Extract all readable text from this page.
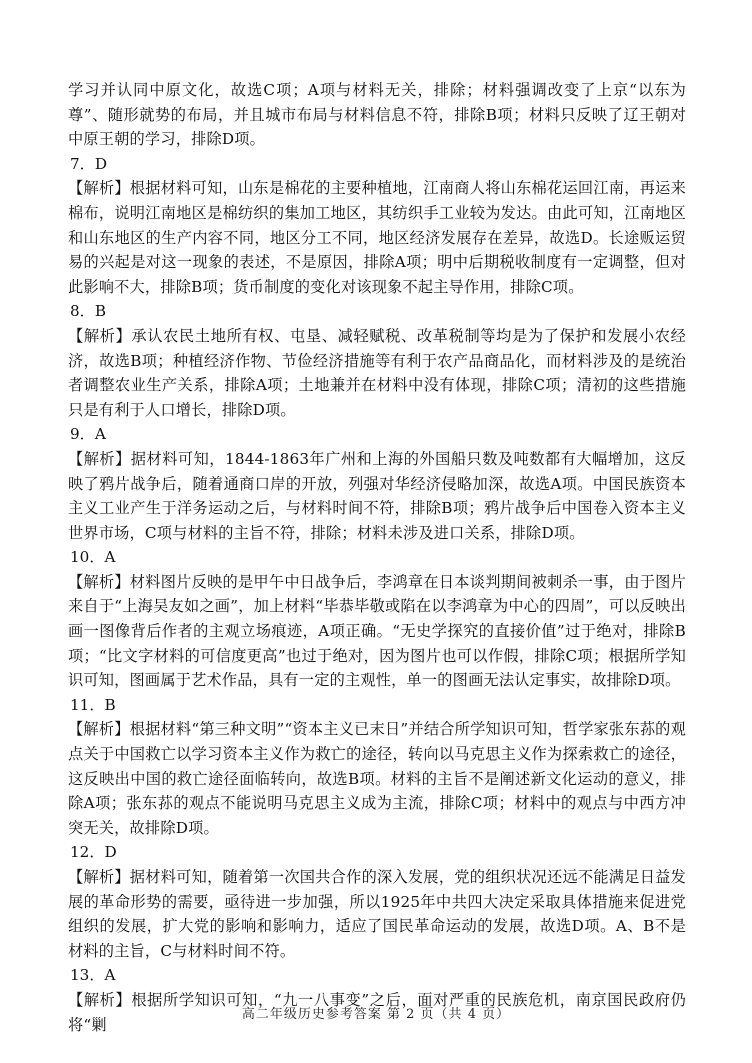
学习并认同中原文化，故选C项；A项与材料无关，排除；材料强调改变了上京“以东为尊”、随形就势的布局，并且城市布局与材料信息不符，排除B项；材料只反映了辽王朝对中原王朝的学习，排除D项。

7．D

【解析】根据材料可知，山东是棉花的主要种植地，江南商人将山东棉花运回江南，再运来棉布，说明江南地区是棉纺织的集加工地区，其纺织手工业较为发达。由此可知，江南地区和山东地区的生产内容不同，地区分工不同，地区经济发展存在差异，故选D。长途贩运贸易的兴起是对这一现象的表述，不是原因，排除A项；明中后期税收制度有一定调整，但对此影响不大，排除B项；货币制度的变化对该现象不起主导作用，排除C项。

8．B

【解析】承认农民土地所有权、屯垦、减轻赋税、改革税制等均是为了保护和发展小农经济，故选B项；种植经济作物、节俭经济措施等有利于农产品商品化，而材料涉及的是统治者调整农业生产关系，排除A项；土地兼并在材料中没有体现，排除C项；清初的这些措施只是有利于人口增长，排除D项。

9．A

【解析】据材料可知，1844-1863年广州和上海的外国船只数及吨数都有大幅增加，这反映了鸦片战争后，随着通商口岸的开放，列强对华经济侵略加深，故选A项。中国民族资本主义工业产生于洋务运动之后，与材料时间不符，排除B项；鸦片战争后中国卷入资本主义世界市场，C项与材料的主旨不符，排除；材料未涉及进口关系，排除D项。

10．A

【解析】材料图片反映的是甲午中日战争后，李鸿章在日本谈判期间被刺杀一事，由于图片来自于“上海吴友如之画”，加上材料“毕恭毕敬或陷在以李鸿章为中心的四周”，可以反映出画一图像背后作者的主观立场痕迹，A项正确。“无史学探究的直接价值”过于绝对，排除B项；“比文字材料的可信度更高”也过于绝对，因为图片也可以作假，排除C项；根据所学知识可知，图画属于艺术作品，具有一定的主观性，单一的图画无法认定事实，故排除D项。

11．B

【解析】根据材料“第三种文明”“资本主义已末日”并结合所学知识可知，哲学家张东荪的观点关于中国救亡以学习资本主义作为救亡的途径，转向以马克思主义作为探索救亡的途径，这反映出中国的救亡途径面临转向，故选B项。材料的主旨不是阐述新文化运动的意义，排除A项；张东荪的观点不能说明马克思主义成为主流，排除C项；材料中的观点与中西方冲突无关，故排除D项。

12．D

【解析】据材料可知，随着第一次国共合作的深入发展，党的组织状况还远不能满足日益发展的革命形势的需要，亟待进一步加强，所以1925年中共四大决定采取具体措施来促进党组织的发展，扩大党的影响和影响力，适应了国民革命运动的发展，故选D项。A、B不是材料的主旨，C与材料时间不符。

13．A

【解析】根据所学知识可知，“九一八事变”之后，面对严重的民族危机，南京国民政府仍将“剿

高二年级历史参考答案 第 2 页（共 4 页）
